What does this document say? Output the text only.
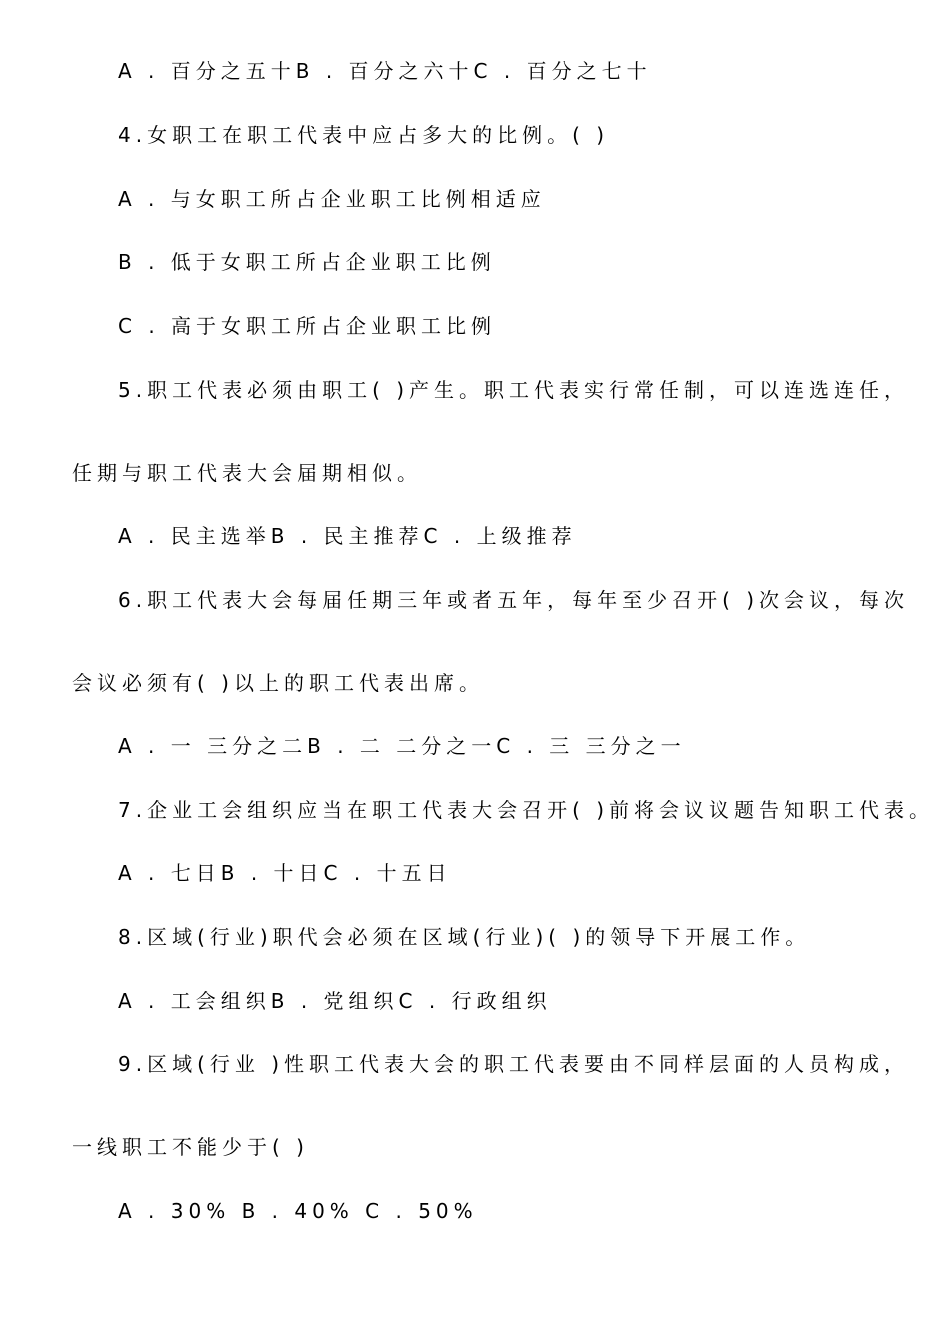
A . 百分之五十B . 百分之六十C . 百分之七十
4.女职工在职工代表中应占多大的比例。( )
A . 与女职工所占企业职工比例相适应
B . 低于女职工所占企业职工比例
C . 高于女职工所占企业职工比例
5.职工代表必须由职工( )产生。职工代表实行常任制，可以连选连任，
任期与职工代表大会届期相似。
A . 民主选举B . 民主推荐C . 上级推荐
6.职工代表大会每届任期三年或者五年，每年至少召开( )次会议，每次
会议必须有( )以上的职工代表出席。
A . 一 三分之二B . 二 二分之一C . 三 三分之一
7.企业工会组织应当在职工代表大会召开( )前将会议议题告知职工代表。
A . 七日B . 十日C . 十五日
8.区域(行业)职代会必须在区域(行业)( )的领导下开展工作。
A . 工会组织B . 党组织C . 行政组织
9.区域(行业 )性职工代表大会的职工代表要由不同样层面的人员构成，
一线职工不能少于( )
A . 30% B . 40% C . 50%
